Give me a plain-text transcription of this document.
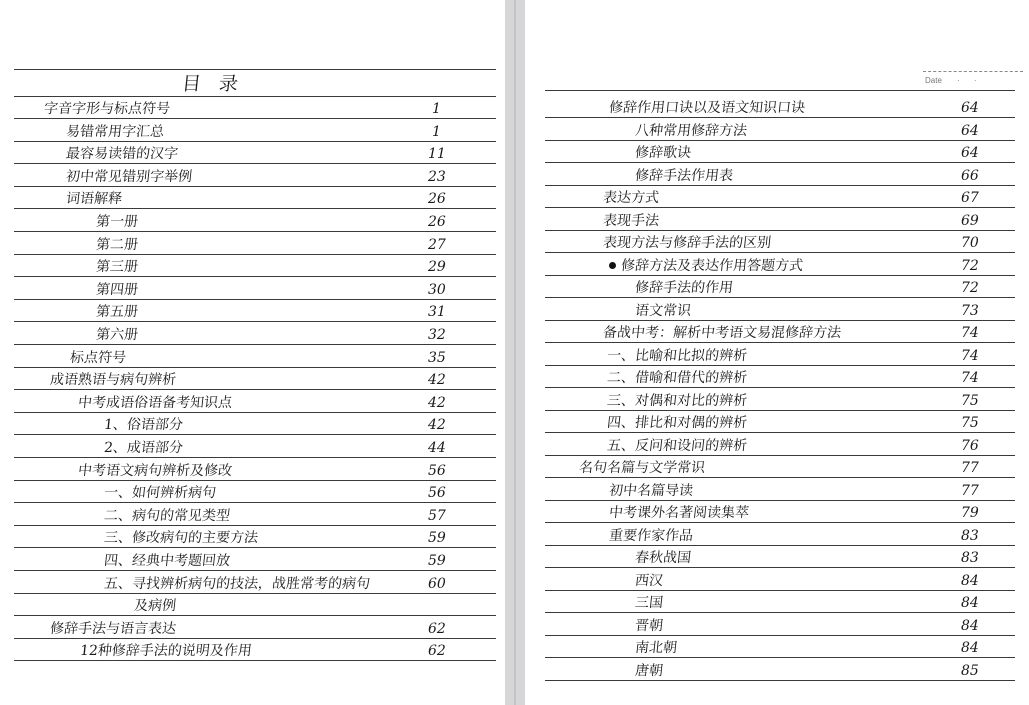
目 录
字音字形与标点符号	1
易错常用字汇总	1
最容易读错的汉字	11
初中常见错别字举例	23
词语解释	26
第一册	26
第二册	27
第三册	29
第四册	30
第五册	31
第六册	32
标点符号	35
成语熟语与病句辨析	42
中考成语俗语备考知识点	42
1、俗语部分	42
2、成语部分	44
中考语文病句辨析及修改	56
一、如何辨析病句	56
二、病句的常见类型	57
三、修改病句的主要方法	59
四、经典中考题回放	59
五、寻找辨析病句的技法，战胜常考的病句	60
及病例
修辞手法与语言表达	62
12种修辞手法的说明及作用	62
Date · ·
修辞作用口诀以及语文知识口诀	64
八种常用修辞方法	64
修辞歌诀	64
修辞手法作用表	66
表达方式	67
表现手法	69
表现方法与修辞手法的区别	70
修辞方法及表达作用答题方式	72
修辞手法的作用	72
语文常识	73
备战中考：解析中考语文易混修辞方法	74
一、比喻和比拟的辨析	74
二、借喻和借代的辨析	74
三、对偶和对比的辨析	75
四、排比和对偶的辨析	75
五、反问和设问的辨析	76
名句名篇与文学常识	77
初中名篇导读	77
中考课外名著阅读集萃	79
重要作家作品	83
春秋战国	83
西汉	84
三国	84
晋朝	84
南北朝	84
唐朝	85
